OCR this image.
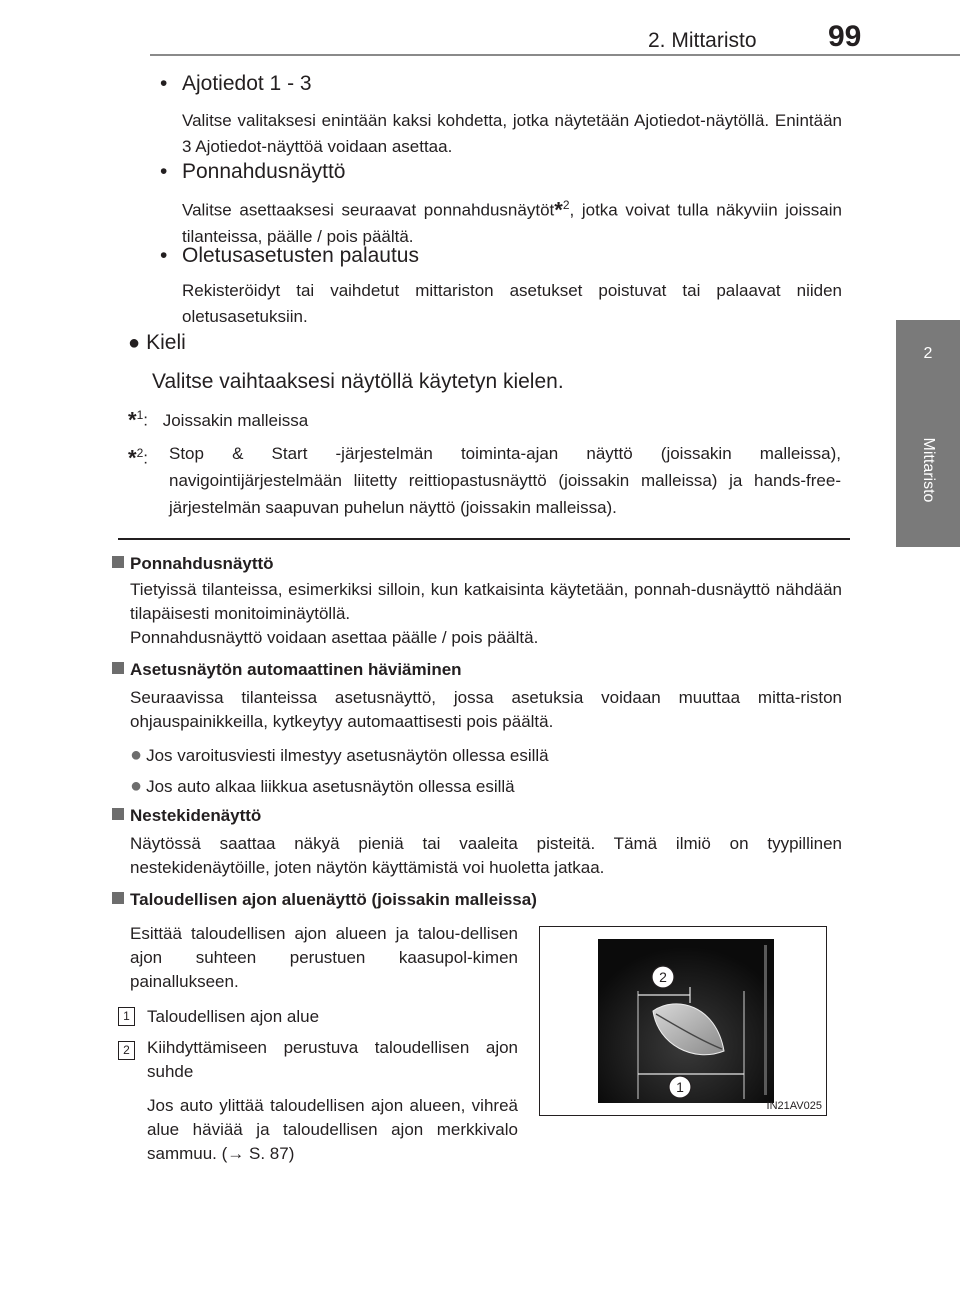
2. Mittaristo 99
2
Mittaristo
• Ajotiedot 1 - 3
Valitse valitaksesi enintään kaksi kohdetta, jotka näytetään Ajotiedot-näytöllä. Enintään 3 Ajotiedot-näyttöä voidaan asettaa.
• Ponnahdusnäyttö
Valitse asettaaksesi seuraavat ponnahdusnäytöt*$^2$, jotka voivat tulla näkyviin joissain tilanteissa, päälle / pois päältä.
• Oletusasetusten palautus
Rekisteröidyt tai vaihdetut mittariston asetukset poistuvat tai palaavat niiden oletusasetuksiin.
● Kieli
Valitse vaihtaaksesi näytöllä käytetyn kielen.
*$^1$: Joissakin malleissa
*$^2$: Stop & Start -järjestelmän toiminta-ajan näyttö (joissakin malleissa), navigointijärjestelmään liitetty reittiopastusnäyttö (joissakin malleissa) ja hands-free-järjestelmän saapuvan puhelun näyttö (joissakin malleissa).
Ponnahdusnäyttö
Tietyissä tilanteissa, esimerkiksi silloin, kun katkaisinta käytetään, ponnah-dusnäyttö nähdään tilapäisesti monitoiminäytöllä.
Ponnahdusnäyttö voidaan asettaa päälle / pois päältä.
Asetusnäytön automaattinen häviäminen
Seuraavissa tilanteissa asetusnäyttö, jossa asetuksia voidaan muuttaa mitta-riston ohjauspainikkeilla, kytkeytyy automaattisesti pois päältä.
● Jos varoitusviesti ilmestyy asetusnäytön ollessa esillä
● Jos auto alkaa liikkua asetusnäytön ollessa esillä
Nestekidenäyttö
Näytössä saattaa näkyä pieniä tai vaaleita pisteitä. Tämä ilmiö on tyypillinen nestekidenäytöille, joten näytön käyttämistä voi huoletta jatkaa.
Taloudellisen ajon aluenäyttö (joissakin malleissa)
Esittää taloudellisen ajon alueen ja talou-dellisen ajon suhteen perustuen kaasupol-kimen painallukseen.
1 Taloudellisen ajon alue
2	Kiihdyttämiseen perustuva taloudellisen ajon suhde
Jos auto ylittää taloudellisen ajon alueen, vihreä alue häviää ja taloudellisen ajon merkkivalo sammuu. (→ S. 87)
2
1
IN21AV025
